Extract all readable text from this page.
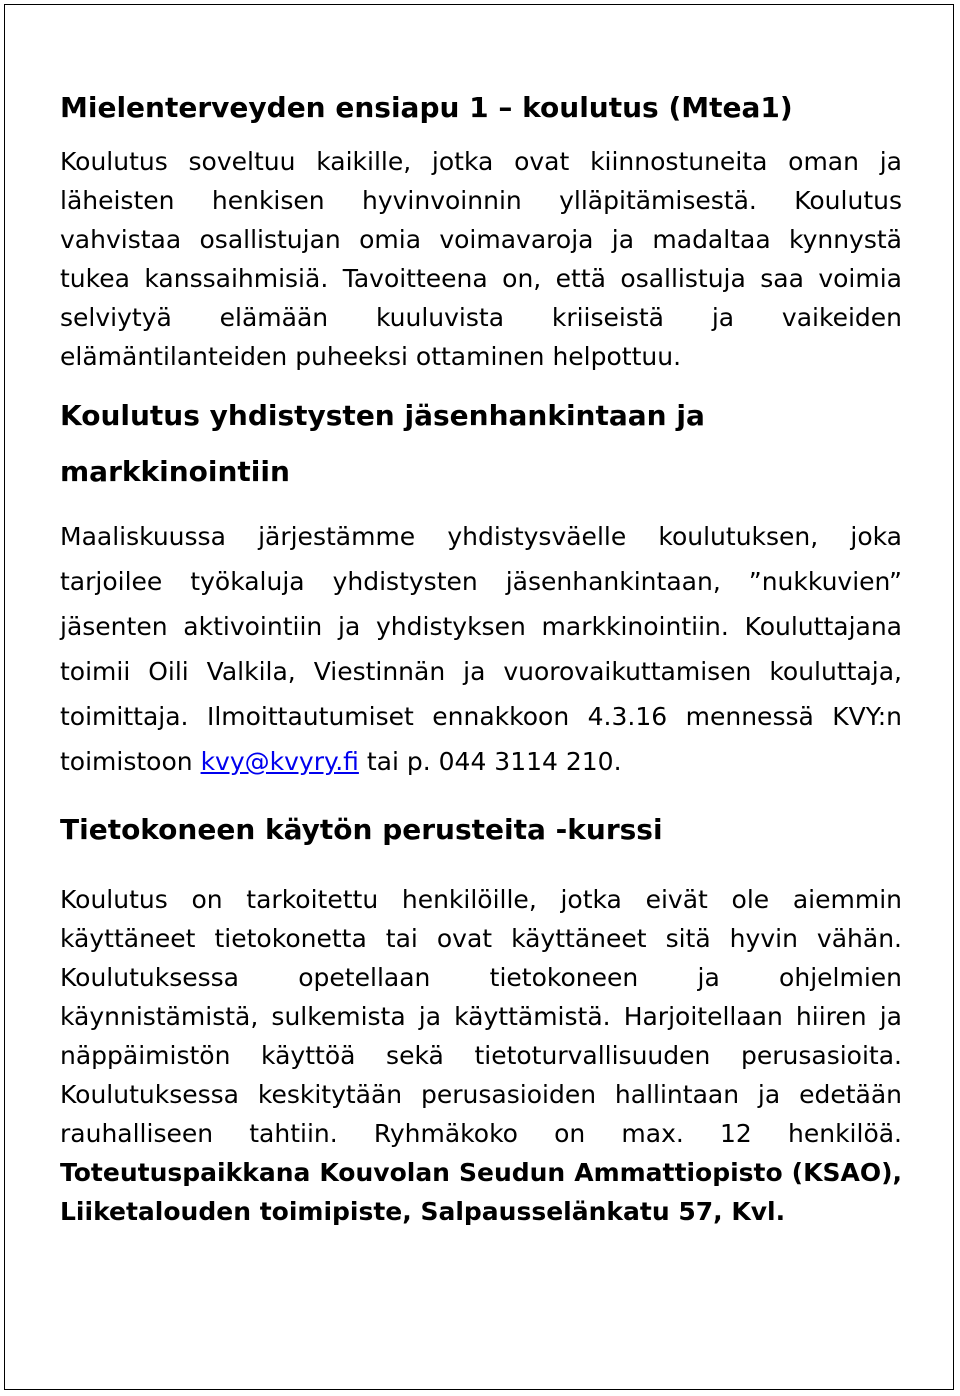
Mielenterveyden ensiapu 1 – koulutus (Mtea1)

Koulutus soveltuu kaikille, jotka ovat kiinnostuneita oman ja läheisten henkisen hyvinvoinnin ylläpitämisestä. Koulutus vahvistaa osallistujan omia voimavaroja ja madaltaa kynnystä tukea kanssaihmisiä. Tavoitteena on, että osallistuja saa voimia selviytyä elämään kuuluvista kriiseistä ja vaikeiden elämäntilanteiden puheeksi ottaminen helpottuu.

Koulutus yhdistysten jäsenhankintaan ja markkinointiin

Maaliskuussa järjestämme yhdistysväelle koulutuksen, joka tarjoilee työkaluja yhdistysten jäsenhankintaan, ”nukkuvien” jäsenten aktivointiin ja yhdistyksen markkinointiin. Kouluttajana toimii Oili Valkila, Viestinnän ja vuorovaikuttamisen kouluttaja, toimittaja. Ilmoittautumiset ennakkoon 4.3.16 mennessä KVY:n toimistoon kvy@kvyry.fi tai p. 044 3114 210.

Tietokoneen käytön perusteita -kurssi

Koulutus on tarkoitettu henkilöille, jotka eivät ole aiemmin käyttäneet tietokonetta tai ovat käyttäneet sitä hyvin vähän. Koulutuksessa opetellaan tietokoneen ja ohjelmien käynnistämistä, sulkemista ja käyttämistä. Harjoitellaan hiiren ja näppäimistön käyttöä sekä tietoturvallisuuden perusasioita. Koulutuksessa keskitytään perusasioiden hallintaan ja edetään rauhalliseen tahtiin. Ryhmäkoko on max. 12 henkilöä. Toteutuspaikkana Kouvolan Seudun Ammattiopisto (KSAO), Liiketalouden toimipiste, Salpausselänkatu 57, Kvl.
